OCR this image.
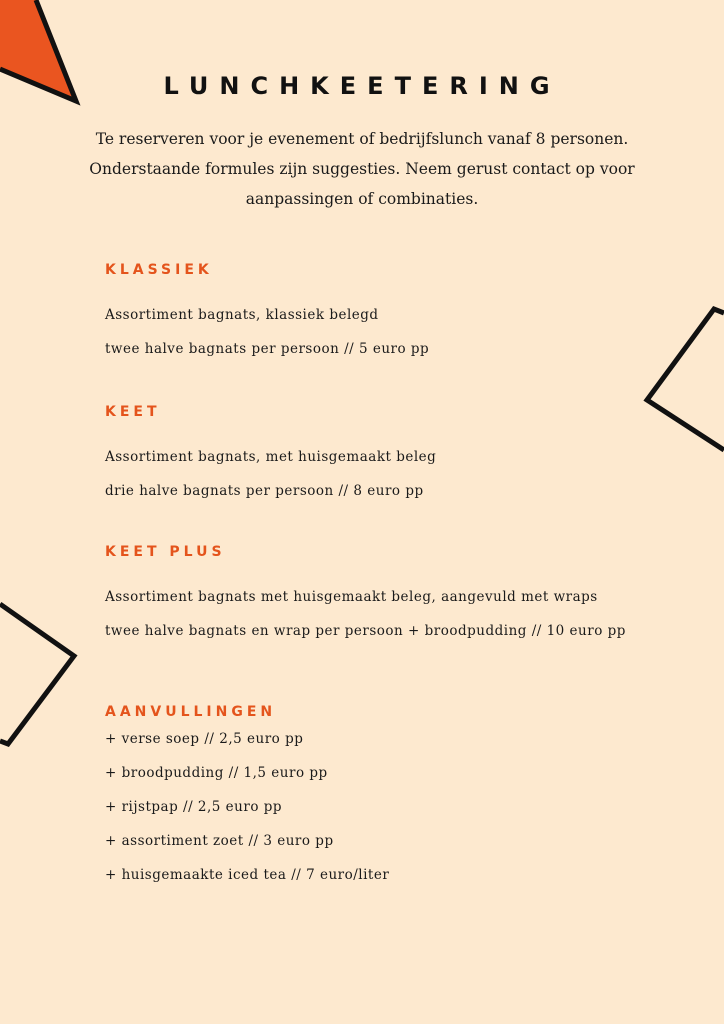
LUNCHKEETERING
Te reserveren voor je evenement of bedrijfslunch vanaf 8 personen.
Onderstaande formules zijn suggesties. Neem gerust contact op voor
aanpassingen of combinaties.
KLASSIEK
Assortiment bagnats, klassiek belegd
twee halve bagnats per persoon // 5 euro pp
KEET
Assortiment bagnats, met huisgemaakt beleg
drie halve bagnats per persoon // 8 euro pp
KEET PLUS
Assortiment bagnats met huisgemaakt beleg, aangevuld met wraps
twee halve bagnats en wrap per persoon + broodpudding // 10 euro pp
AANVULLINGEN
+ verse soep // 2,5 euro pp
+ broodpudding // 1,5 euro pp
+ rijstpap // 2,5 euro pp
+ assortiment zoet // 3 euro pp
+ huisgemaakte iced tea // 7 euro/liter
